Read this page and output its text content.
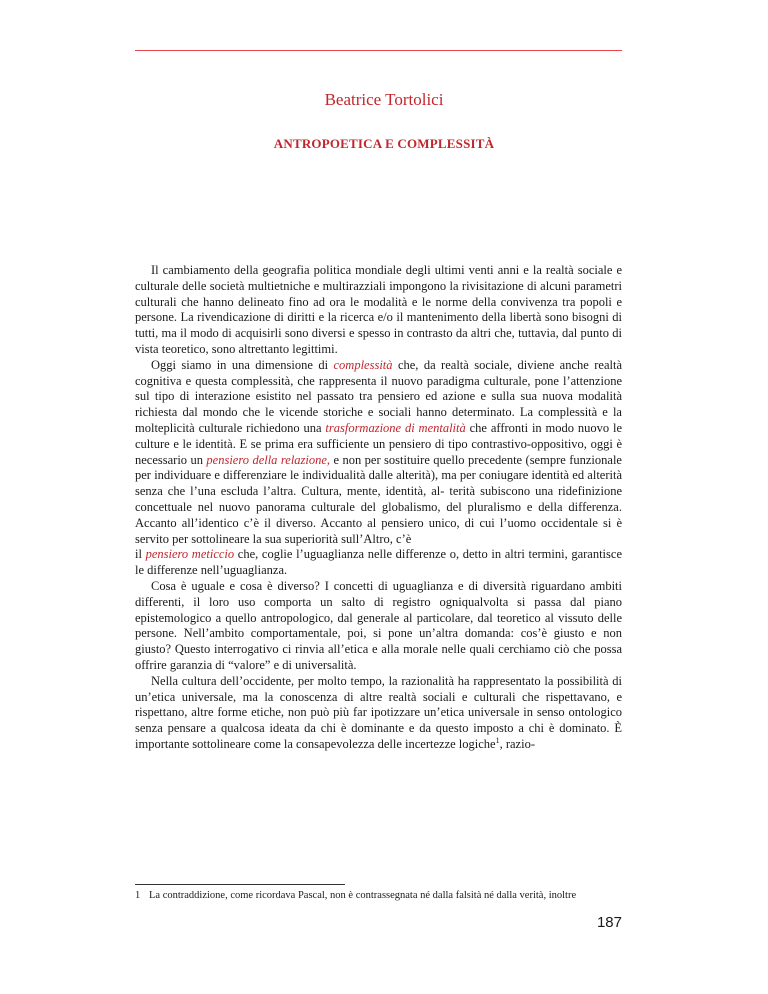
Beatrice Tortolici
ANTROPOETICA E COMPLESSITÀ

Il cambiamento della geografia politica mondiale degli ultimi venti anni e la realtà sociale e culturale delle società multietniche e multirazziali impongono la rivisitazione di alcuni parametri culturali che hanno delineato fino ad ora le modalità e le norme della convivenza tra popoli e persone. La rivendicazione di diritti e la ricerca e/o il mantenimento della libertà sono bisogni di tutti, ma il modo di acquisirli sono diversi e spesso in contrasto da altri che, tuttavia, dal punto di vista teoretico, sono altrettanto legittimi.

Oggi siamo in una dimensione di complessità che, da realtà sociale, diviene anche realtà cognitiva e questa complessità, che rappresenta il nuovo paradigma culturale, pone l’attenzione sul tipo di interazione esistito nel passato tra pensiero ed azione e sulla sua nuova modalità richiesta dal mondo che le vicende storiche e sociali hanno determinato. La complessità e la molteplicità culturale richiedono una trasformazione di mentalità che affronti in modo nuovo le culture e le identità. E se prima era sufficiente un pensiero di tipo contrastivo-oppositivo, oggi è necessario un pensiero della relazione, e non per sostituire quello precedente (sempre funzionale per individuare e differenziare le individualità dalle alterità), ma per coniugare identità ed alterità senza che l’una escluda l’altra. Cultura, mente, identità, al- terità subiscono una ridefinizione concettuale nel nuovo panorama culturale del globalismo, del pluralismo e della differenza. Accanto all’identico c’è il diverso. Accanto al pensiero unico, di cui l’uomo occidentale si è servito per sottolineare la sua superiorità sull’Altro, c’è

il pensiero meticcio che, coglie l’uguaglianza nelle differenze o, detto in altri termini, garantisce le differenze nell’uguaglianza.

Cosa è uguale e cosa è diverso? I concetti di uguaglianza e di diversità riguardano ambiti differenti, il loro uso comporta un salto di registro ogniqualvolta si passa dal piano epistemologico a quello antropologico, dal generale al particolare, dal teoretico al vissuto delle persone. Nell’ambito comportamentale, poi, si pone un’altra domanda: cos’è giusto e non giusto? Questo interrogativo ci rinvia all’etica e alla morale nelle quali cerchiamo ciò che possa offrire garanzia di “valore” e di universalità.

Nella cultura dell’occidente, per molto tempo, la razionalità ha rappresentato la possibilità di un’etica universale, ma la conoscenza di altre realtà sociali e culturali che rispettavano, e rispettano, altre forme etiche, non può più far ipotizzare un’etica universale in senso ontologico senza pensare a qualcosa ideata da chi è dominante e da questo imposto a chi è dominato. È importante sottolineare come la consapevolezza delle incertezze logiche$^1$, razio-

1 La contraddizione, come ricordava Pascal, non è contrassegnata né dalla falsità né dalla verità, inoltre
187
